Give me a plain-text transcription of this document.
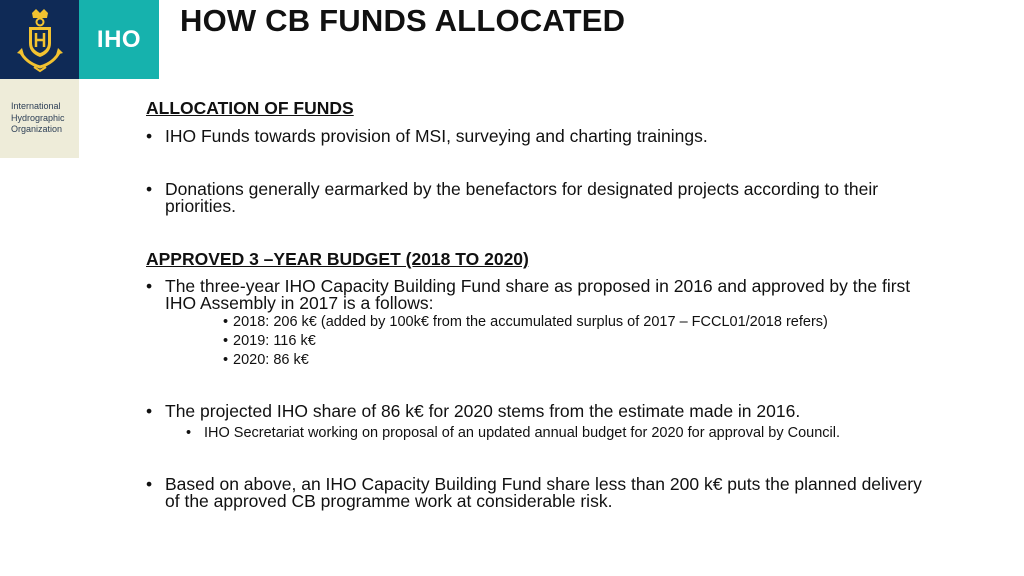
IHO
International
Hydrographic
Organization
HOW CB FUNDS ALLOCATED
ALLOCATION OF FUNDS
• IHO Funds towards provision of MSI, surveying and charting trainings.
• Donations generally earmarked by the benefactors for designated projects according to their priorities.
APPROVED 3 –YEAR BUDGET (2018 TO 2020)
• The three-year IHO Capacity Building Fund share as proposed in 2016 and approved by the first IHO Assembly in 2017 is a follows:
• 2018: 206 k€ (added by 100k€ from the accumulated surplus of 2017 – FCCL01/2018 refers)
• 2019: 116 k€
• 2020: 86 k€
• The projected IHO share of 86 k€ for 2020 stems from the estimate made in 2016.
• IHO Secretariat working on proposal of an updated annual budget for 2020 for approval by Council.
• Based on above, an IHO Capacity Building Fund share less than 200 k€ puts the planned delivery of the approved CB programme work at considerable risk.
